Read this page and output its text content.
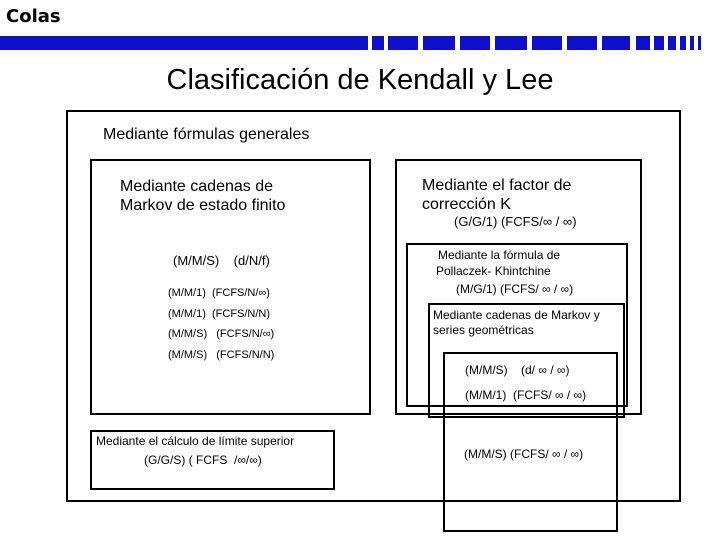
Colas
Clasificación de Kendall y Lee
Mediante fórmulas generales
Mediante cadenas de Markov de estado finito
(M/M/S)    (d/N/f)
(M/M/1)  (FCFS/N/∞)
(M/M/1)  (FCFS/N/N)
(M/M/S)   (FCFS/N/∞)
(M/M/S)   (FCFS/N/N)
Mediante el factor de corrección K
(G/G/1) (FCFS/∞ / ∞)
Mediante la fórmula de
Pollaczek- Khintchine
(M/G/1) (FCFS/ ∞ / ∞)
Mediante cadenas de Markov y series geométricas
(M/M/S)    (d/ ∞ / ∞)
(M/M/1)  (FCFS/ ∞ / ∞)
Mediante el cálculo de límite superior
(G/G/S) ( FCFS  /∞/∞)	(M/M/S) (FCFS/ ∞ / ∞)
